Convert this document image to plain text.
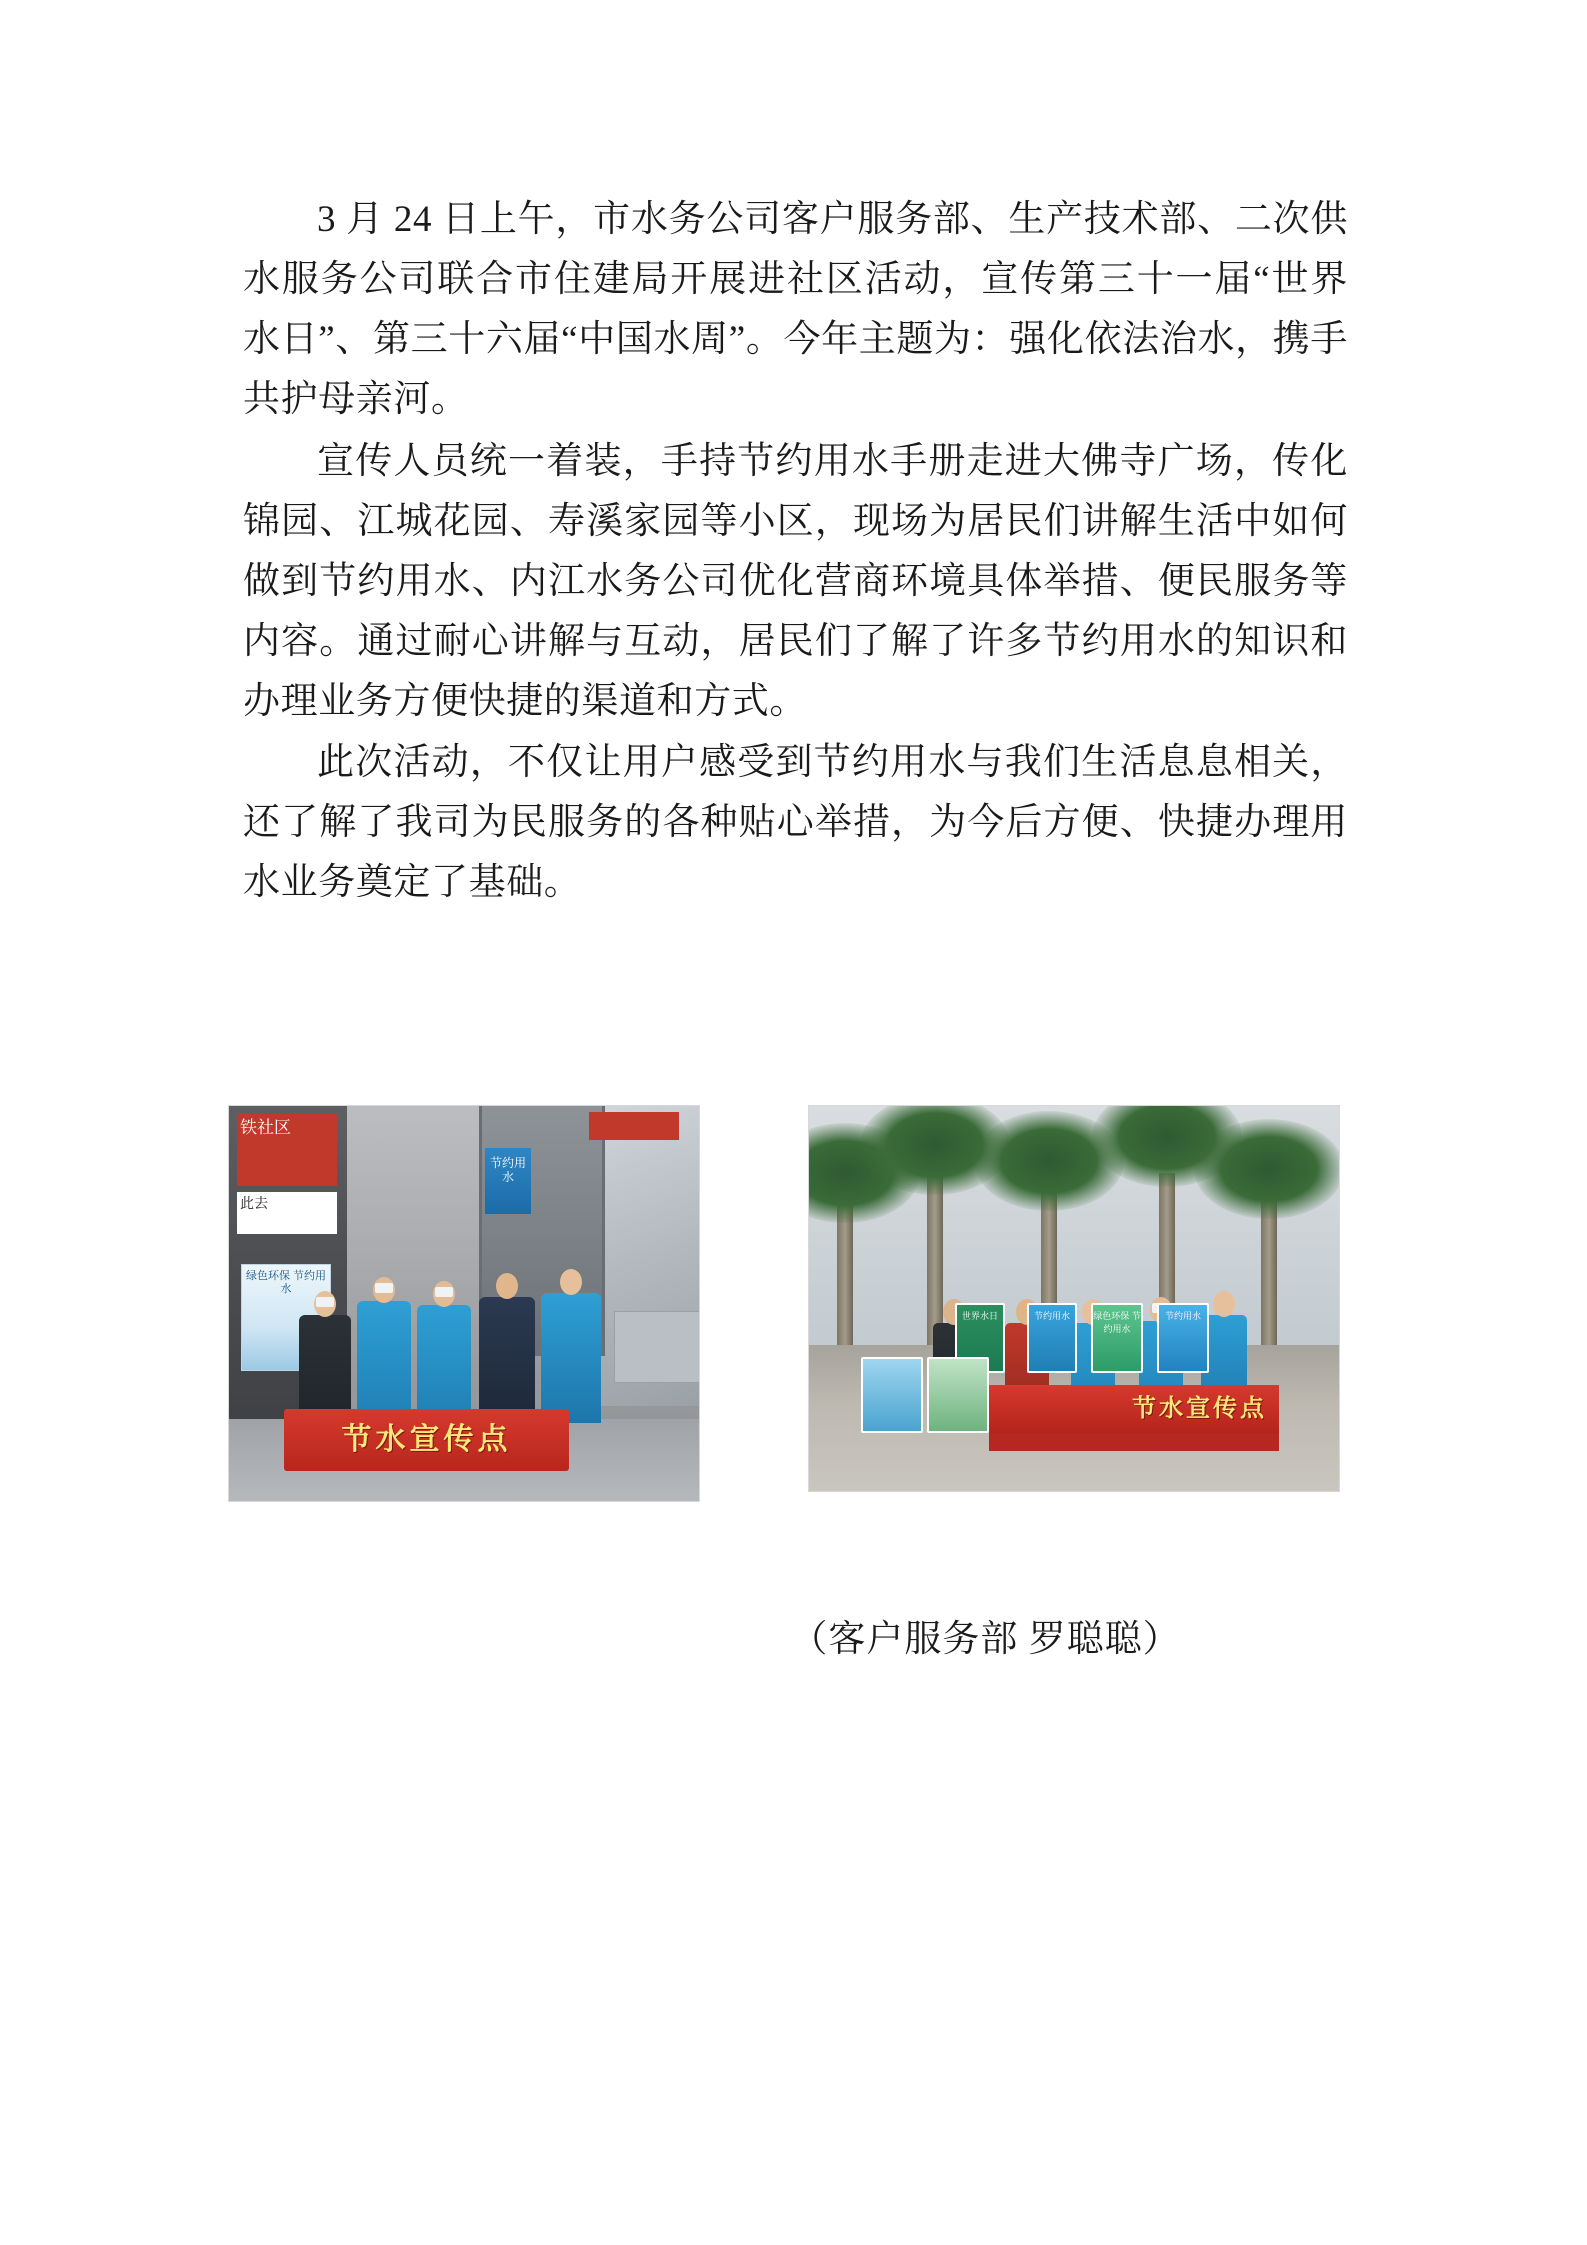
3 月 24 日上午，市水务公司客户服务部、生产技术部、二次供水服务公司联合市住建局开展进社区活动，宣传第三十一届“世界水日”、第三十六届“中国水周”。今年主题为：强化依法治水，携手共护母亲河。

宣传人员统一着装，手持节约用水手册走进大佛寺广场，传化锦园、江城花园、寿溪家园等小区，现场为居民们讲解生活中如何做到节约用水、内江水务公司优化营商环境具体举措、便民服务等内容。通过耐心讲解与互动，居民们了解了许多节约用水的知识和办理业务方便快捷的渠道和方式。

此次活动，不仅让用户感受到节约用水与我们生活息息相关，还了解了我司为民服务的各种贴心举措，为今后方便、快捷办理用水业务奠定了基础。

铁社区
此去
绿色环保 节约用水
节约用水
节水宣传点
世界水日	节约用水	绿色环保 节约用水
节约用水
节水宣传点
（客户服务部 罗聪聪）
